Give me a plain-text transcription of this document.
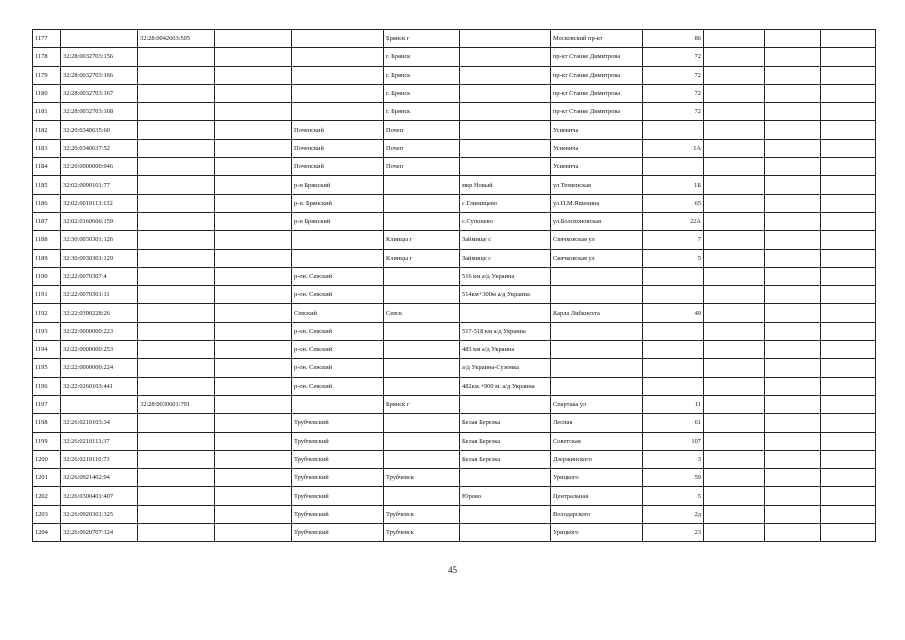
1177		32:28:0042603:505			Брянск г		Московский пр-кт	86			
1178	32:28:0032703:156				г. Брянск		пр-кт Станке Димитрова	72			
1179	32:28:0032703:166				г. Брянск		пр-кт Станке Димитрова	72			
1180	32:28:0032703:167				г. Брянск		пр-кт Станке Димитрова	72			
1181	32:28:0032703:168				г. Брянск		пр-кт Станке Димитрова	72			
1182	32:20:0340635:60			Почепский	Почеп		Усиевича				
1183	32:20:0340637:52			Почепский	Почеп		Усиевича	1А			
1184	32:20:0000000:946			Почепский	Почеп		Усиевича				
1185	32:02:0090101:77			р-н Брянский		мкр Новый	ул Тюменская	1Б			
1186	32:02:0010113:132			р-н. Брянский		с Глинищево	ул.П.М.Яшенина	65			
1187	32:02:0160606:159			р-н Брянский		с.Супонево	ул.Болохоновская	22А			
1188	32:30:0030301:126				Клинцы г	Займище с	Свячковская ул	7			
1189	32:30:0030301:129				Клинцы г	Займище с	Свячковская ул	5			
1190	32:22:0070307:4			р-он. Севский		516 км а/д Украина					
1191	32:22:0070301:11			р-он. Севский		514км+300м а/д Украина					
1192	32:22:0390228:26			Севский	Севск		Карла Либкнехта	49			
1193	32:22:0000000:223			р-он. Севский		517-518 км а/д Украина					
1194	32:22:0000000:253			р-он. Севский		483 км а/д Украина					
1195	32:22:0000000:224			р-он. Севский		а/д Украина-Суземка					
1196	32:22:0260103:441			р-он. Севский		482км.+900 м. а/д Украина					
1197		32:28:0030601:791			Брянск г		Спартака ул	11			
1198	32:26:0210103:34			Трубчевский		Белая Березка	Лесная	61			
1199	32:26:0210113:37			Трубчевский		Белая Березка	Советская	107			
1200	32:26:0210116:73			Трубчевский		Белая Березка	Дзержинского	3			
1201	32:26:0921402:94			Трубчевский	Трубчевск		Урицкого	59			
1202	32:26:0300401:407			Трубчевский		Юрово	Центральная	5			
1203	32:26:0920301:325			Трубчевский	Трубчевск		Володарского	2д			
1204	32:26:0920707:124			Трубчевский	Трубчевск		Урицкого	23			
45
